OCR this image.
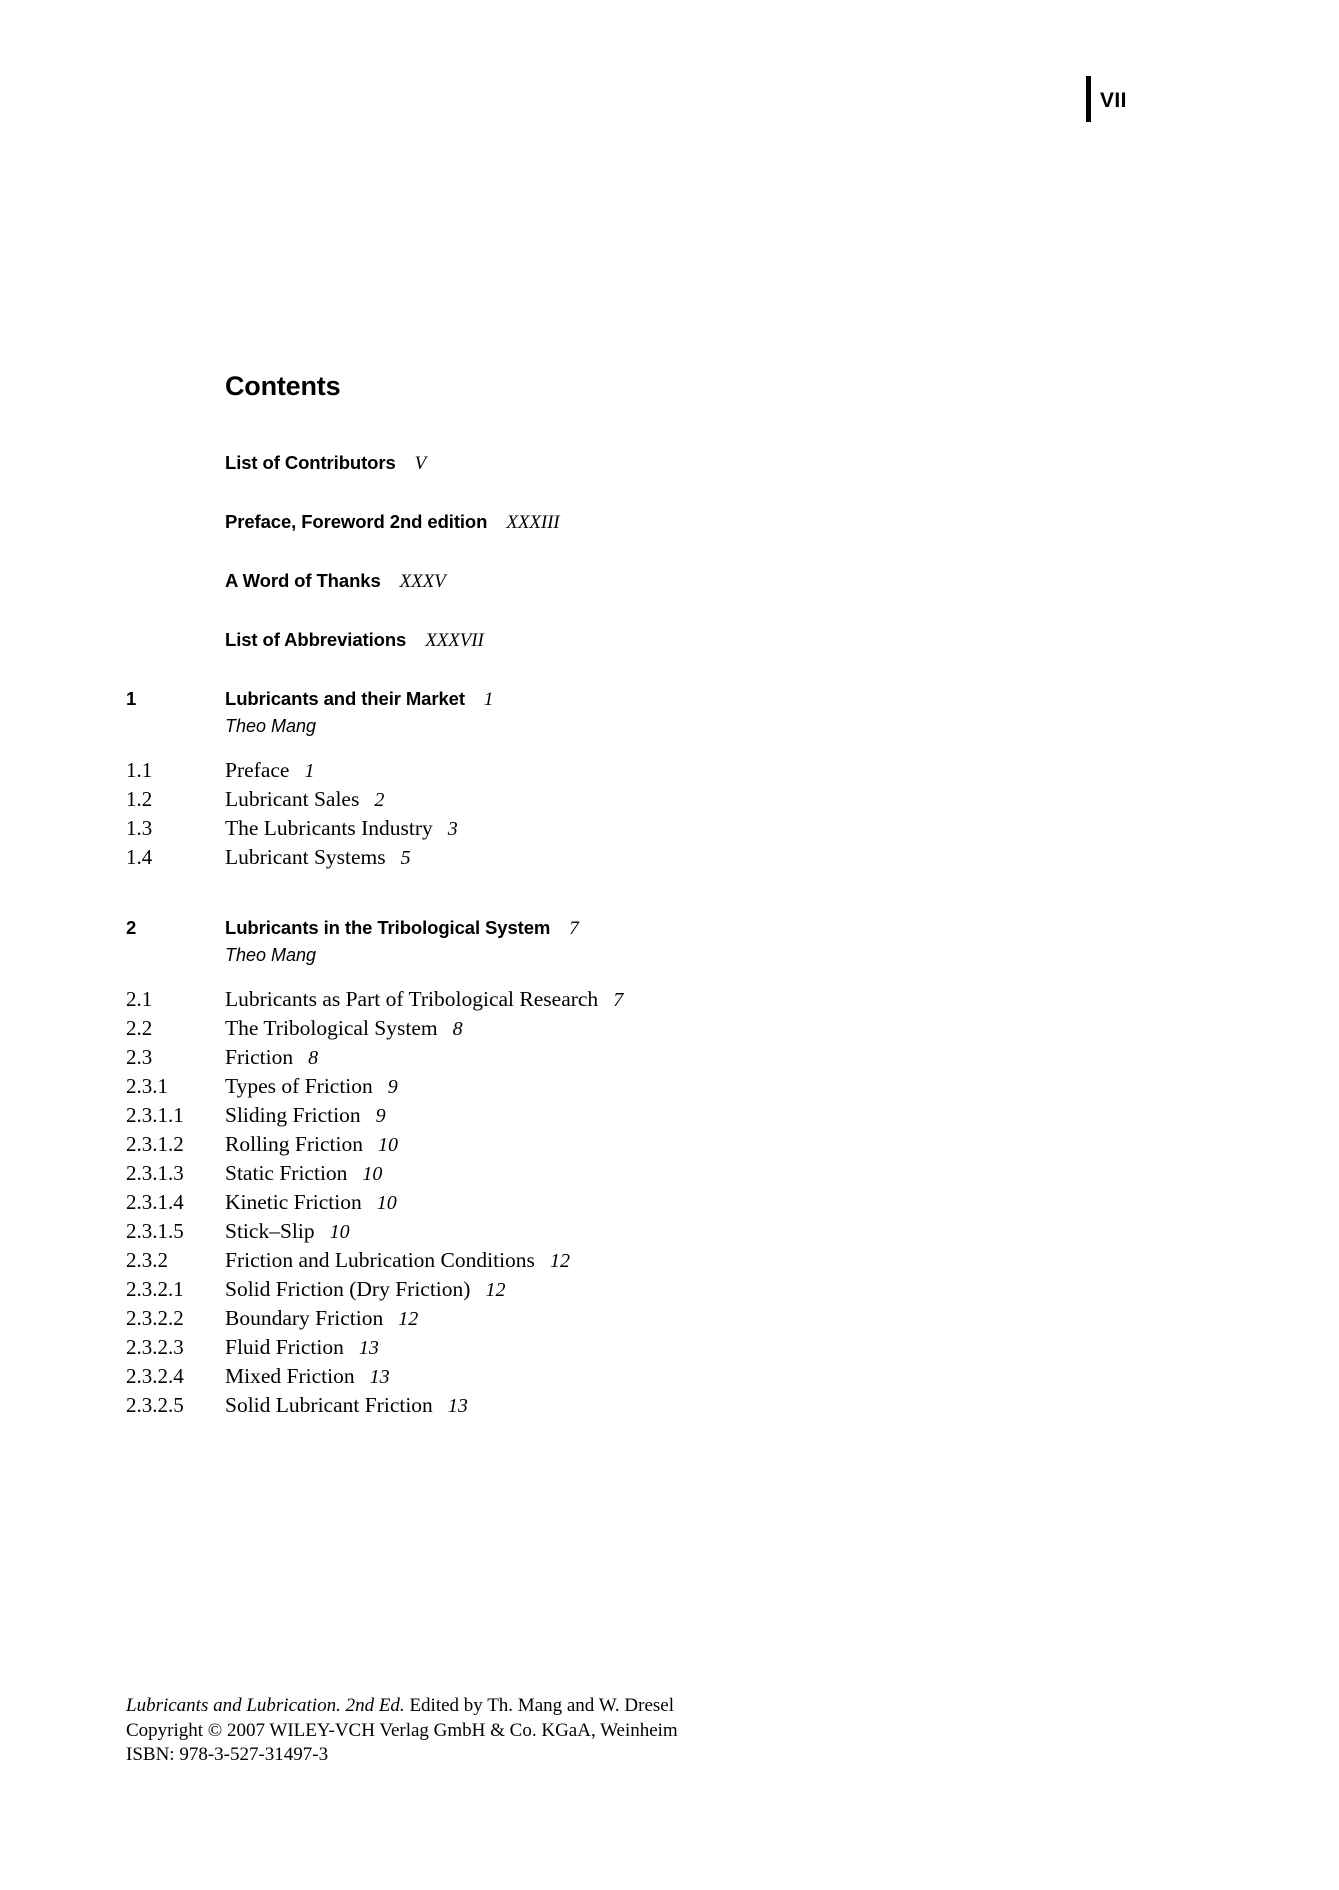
VII
Contents
List of Contributors V
Preface, Foreword 2nd edition XXXIII
A Word of Thanks XXXV
List of Abbreviations XXXVII
1	Lubricants and their Market 1
Theo Mang
1.1	Preface 1
1.2	Lubricant Sales 2
1.3	The Lubricants Industry 3
1.4	Lubricant Systems 5
2	Lubricants in the Tribological System 7
Theo Mang
2.1	Lubricants as Part of Tribological Research 7
2.2	The Tribological System 8
2.3	Friction 8
2.3.1	Types of Friction 9
2.3.1.1	Sliding Friction 9
2.3.1.2	Rolling Friction 10
2.3.1.3	Static Friction 10
2.3.1.4	Kinetic Friction 10
2.3.1.5	Stick–Slip 10
2.3.2	Friction and Lubrication Conditions 12
2.3.2.1	Solid Friction (Dry Friction) 12
2.3.2.2	Boundary Friction 12
2.3.2.3	Fluid Friction 13
2.3.2.4	Mixed Friction 13
2.3.2.5	Solid Lubricant Friction 13
Lubricants and Lubrication. 2nd Ed. Edited by Th. Mang and W. Dresel
Copyright © 2007 WILEY-VCH Verlag GmbH & Co. KGaA, Weinheim
ISBN: 978-3-527-31497-3
